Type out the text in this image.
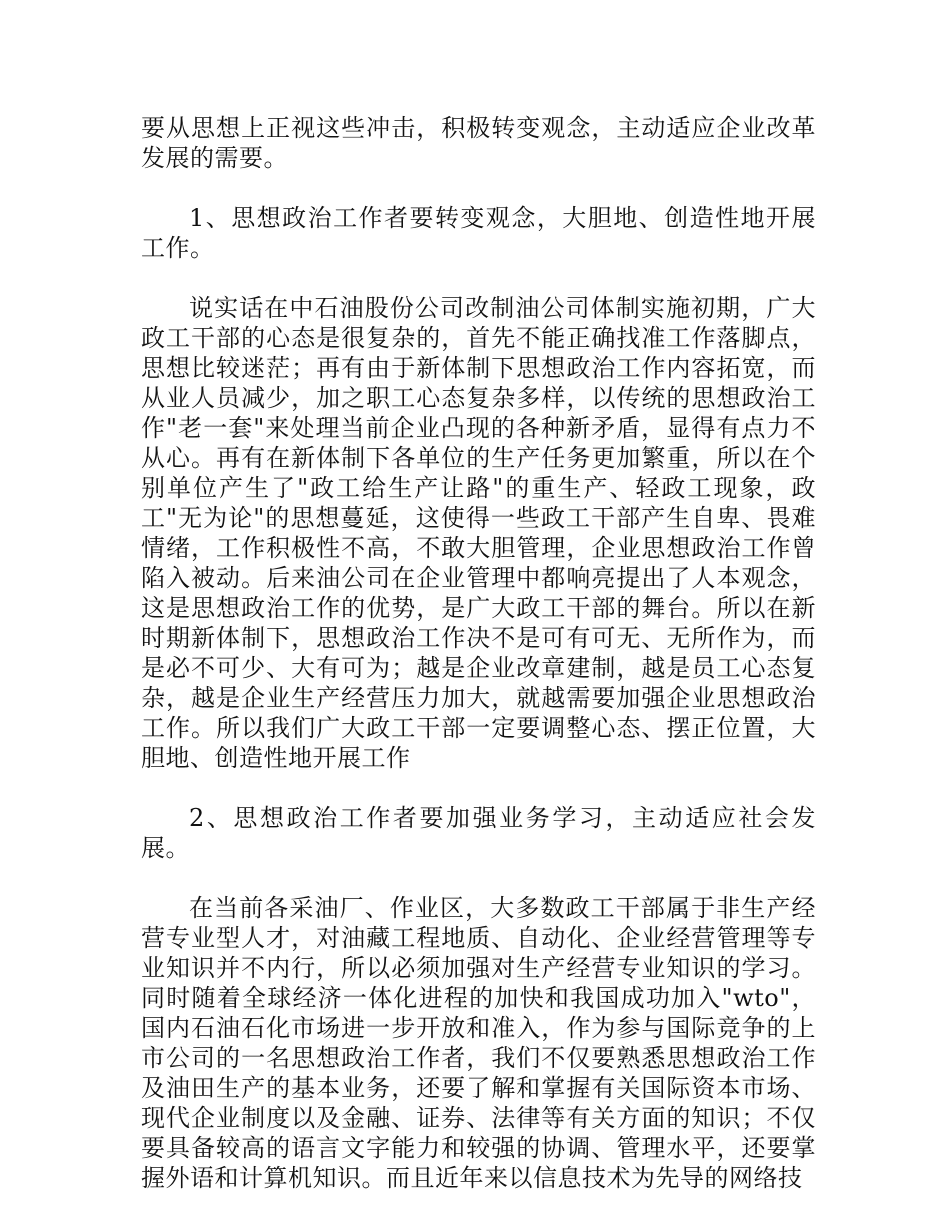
要从思想上正视这些冲击，积极转变观念，主动适应企业改革发展的需要。

1、思想政治工作者要转变观念，大胆地、创造性地开展工作。

说实话在中石油股份公司改制油公司体制实施初期，广大政工干部的心态是很复杂的，首先不能正确找准工作落脚点，思想比较迷茫；再有由于新体制下思想政治工作内容拓宽，而从业人员减少，加之职工心态复杂多样，以传统的思想政治工作"老一套"来处理当前企业凸现的各种新矛盾，显得有点力不从心。再有在新体制下各单位的生产任务更加繁重，所以在个别单位产生了"政工给生产让路"的重生产、轻政工现象，政工"无为论"的思想蔓延，这使得一些政工干部产生自卑、畏难情绪，工作积极性不高，不敢大胆管理，企业思想政治工作曾陷入被动。后来油公司在企业管理中都响亮提出了人本观念，这是思想政治工作的优势，是广大政工干部的舞台。所以在新时期新体制下，思想政治工作决不是可有可无、无所作为，而是必不可少、大有可为；越是企业改章建制，越是员工心态复杂，越是企业生产经营压力加大，就越需要加强企业思想政治工作。所以我们广大政工干部一定要调整心态、摆正位置，大胆地、创造性地开展工作

2、思想政治工作者要加强业务学习，主动适应社会发展。

在当前各采油厂、作业区，大多数政工干部属于非生产经营专业型人才，对油藏工程地质、自动化、企业经营管理等专业知识并不内行，所以必须加强对生产经营专业知识的学习。同时随着全球经济一体化进程的加快和我国成功加入"wto"，国内石油石化市场进一步开放和准入，作为参与国际竞争的上市公司的一名思想政治工作者，我们不仅要熟悉思想政治工作及油田生产的基本业务，还要了解和掌握有关国际资本市场、现代企业制度以及金融、证券、法律等有关方面的知识；不仅要具备较高的语言文字能力和较强的协调、管理水平，还要掌握外语和计算机知识。而且近年来以信息技术为先导的网络技
